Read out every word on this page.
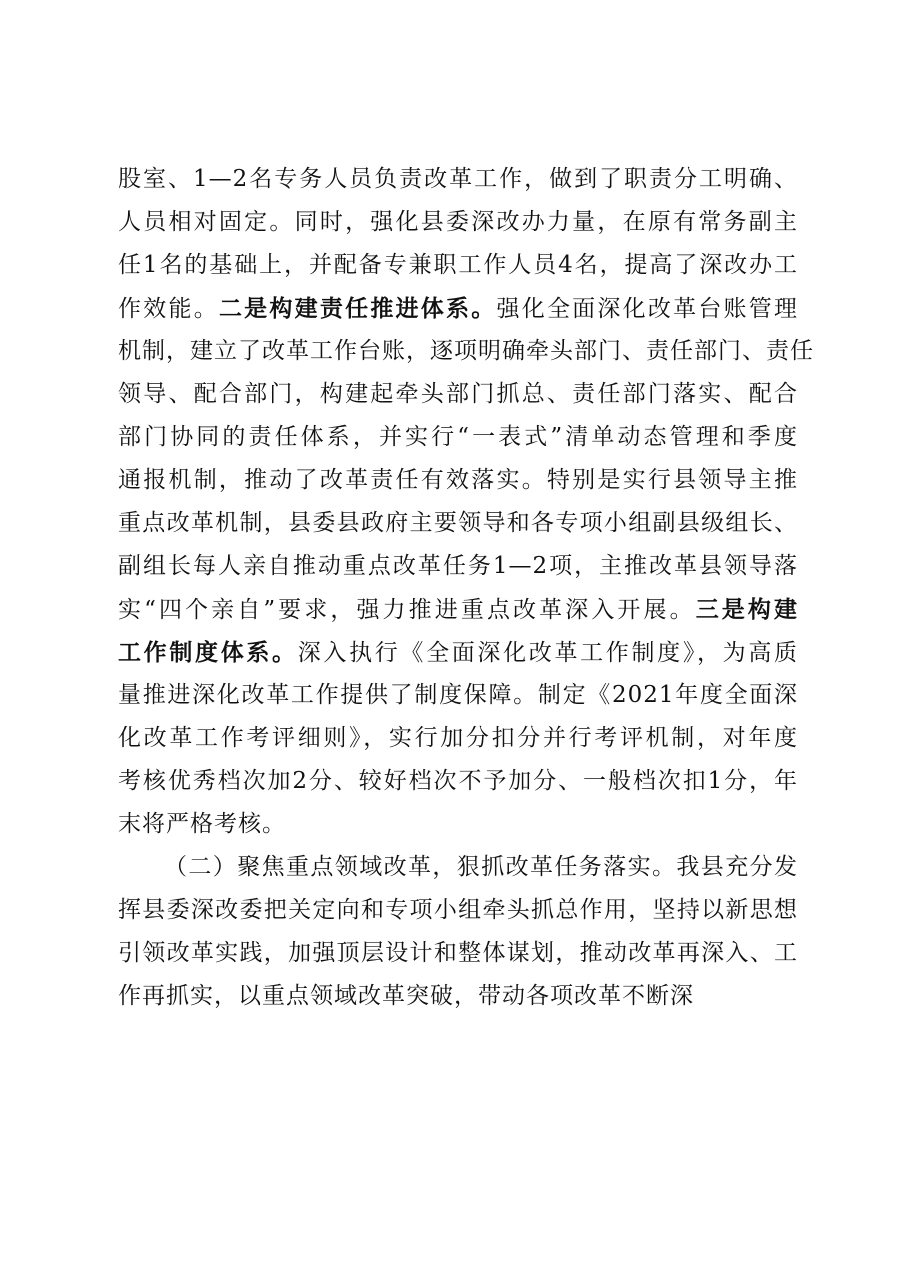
股室、1—2名专务人员负责改革工作，做到了职责分工明确、
人员相对固定。同时，强化县委深改办力量，在原有常务副主
任1名的基础上，并配备专兼职工作人员4名，提高了深改办工
作效能。二是构建责任推进体系。强化全面深化改革台账管理
机制，建立了改革工作台账，逐项明确牵头部门、责任部门、责任
领导、配合部门，构建起牵头部门抓总、责任部门落实、配合
部门协同的责任体系，并实行“一表式”清单动态管理和季度
通报机制，推动了改革责任有效落实。特别是实行县领导主推
重点改革机制，县委县政府主要领导和各专项小组副县级组长、
副组长每人亲自推动重点改革任务1—2项，主推改革县领导落
实“四个亲自”要求，强力推进重点改革深入开展。三是构建
工作制度体系。深入执行《全面深化改革工作制度》，为高质
量推进深化改革工作提供了制度保障。制定《2021年度全面深
化改革工作考评细则》，实行加分扣分并行考评机制，对年度
考核优秀档次加2分、较好档次不予加分、一般档次扣1分，年
末将严格考核。
（二）聚焦重点领域改革，狠抓改革任务落实。我县充分发
挥县委深改委把关定向和专项小组牵头抓总作用，坚持以新思想
引领改革实践，加强顶层设计和整体谋划，推动改革再深入、工
作再抓实，以重点领域改革突破，带动各项改革不断深
